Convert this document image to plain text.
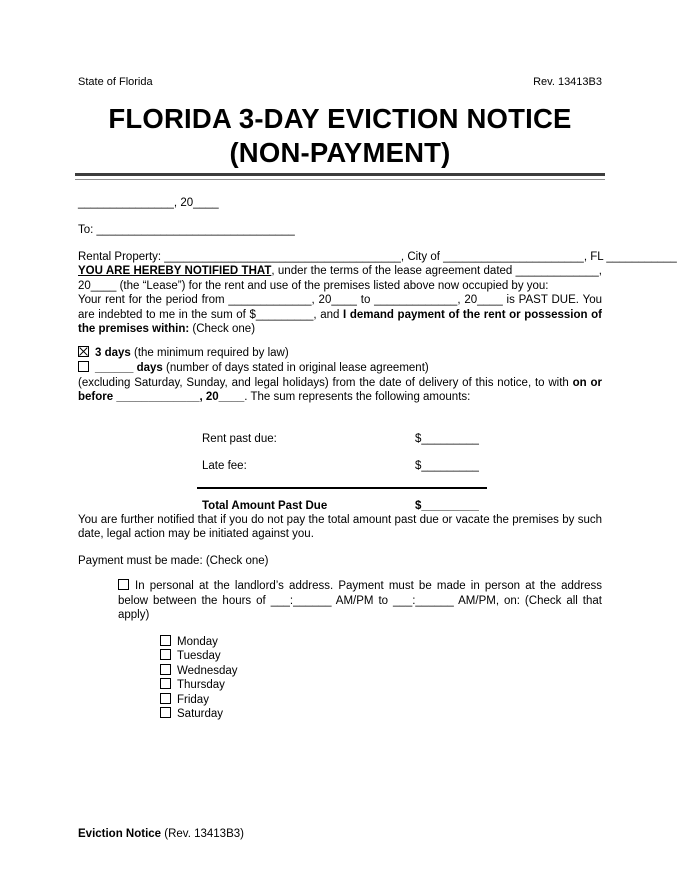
State of Florida	Rev. 13413B3
FLORIDA 3-DAY EVICTION NOTICE
(NON-PAYMENT)
_______________, 20____
To: _______________________________
Rental Property: _____________________________________, City of ______________________, FL ___________

YOU ARE HEREBY NOTIFIED THAT, under the terms of the lease agreement dated _____________, 20____ (the “Lease”) for the rent and use of the premises listed above now occupied by you:

Your rent for the period from _____________, 20____ to _____________, 20____ is PAST DUE. You are indebted to me in the sum of $_________, and I demand payment of the rent or possession of the premises within: (Check one)

3 days (the minimum required by law)
______ days (number of days stated in original lease agreement)

(excluding Saturday, Sunday, and legal holidays) from the date of delivery of this notice, to with on or before _____________, 20____. The sum represents the following amounts:

Rent past due:	$_________
Late fee:	$_________
Total Amount Past Due	$_________

You are further notified that if you do not pay the total amount past due or vacate the premises by such date, legal action may be initiated against you.

Payment must be made: (Check one)
In personal at the landlord’s address. Payment must be made in person at the address below between the hours of ___:______ AM/PM to ___:______ AM/PM, on: (Check all that apply)
Monday
Tuesday
Wednesday
Thursday
Friday
Saturday
Eviction Notice (Rev. 13413B3)
